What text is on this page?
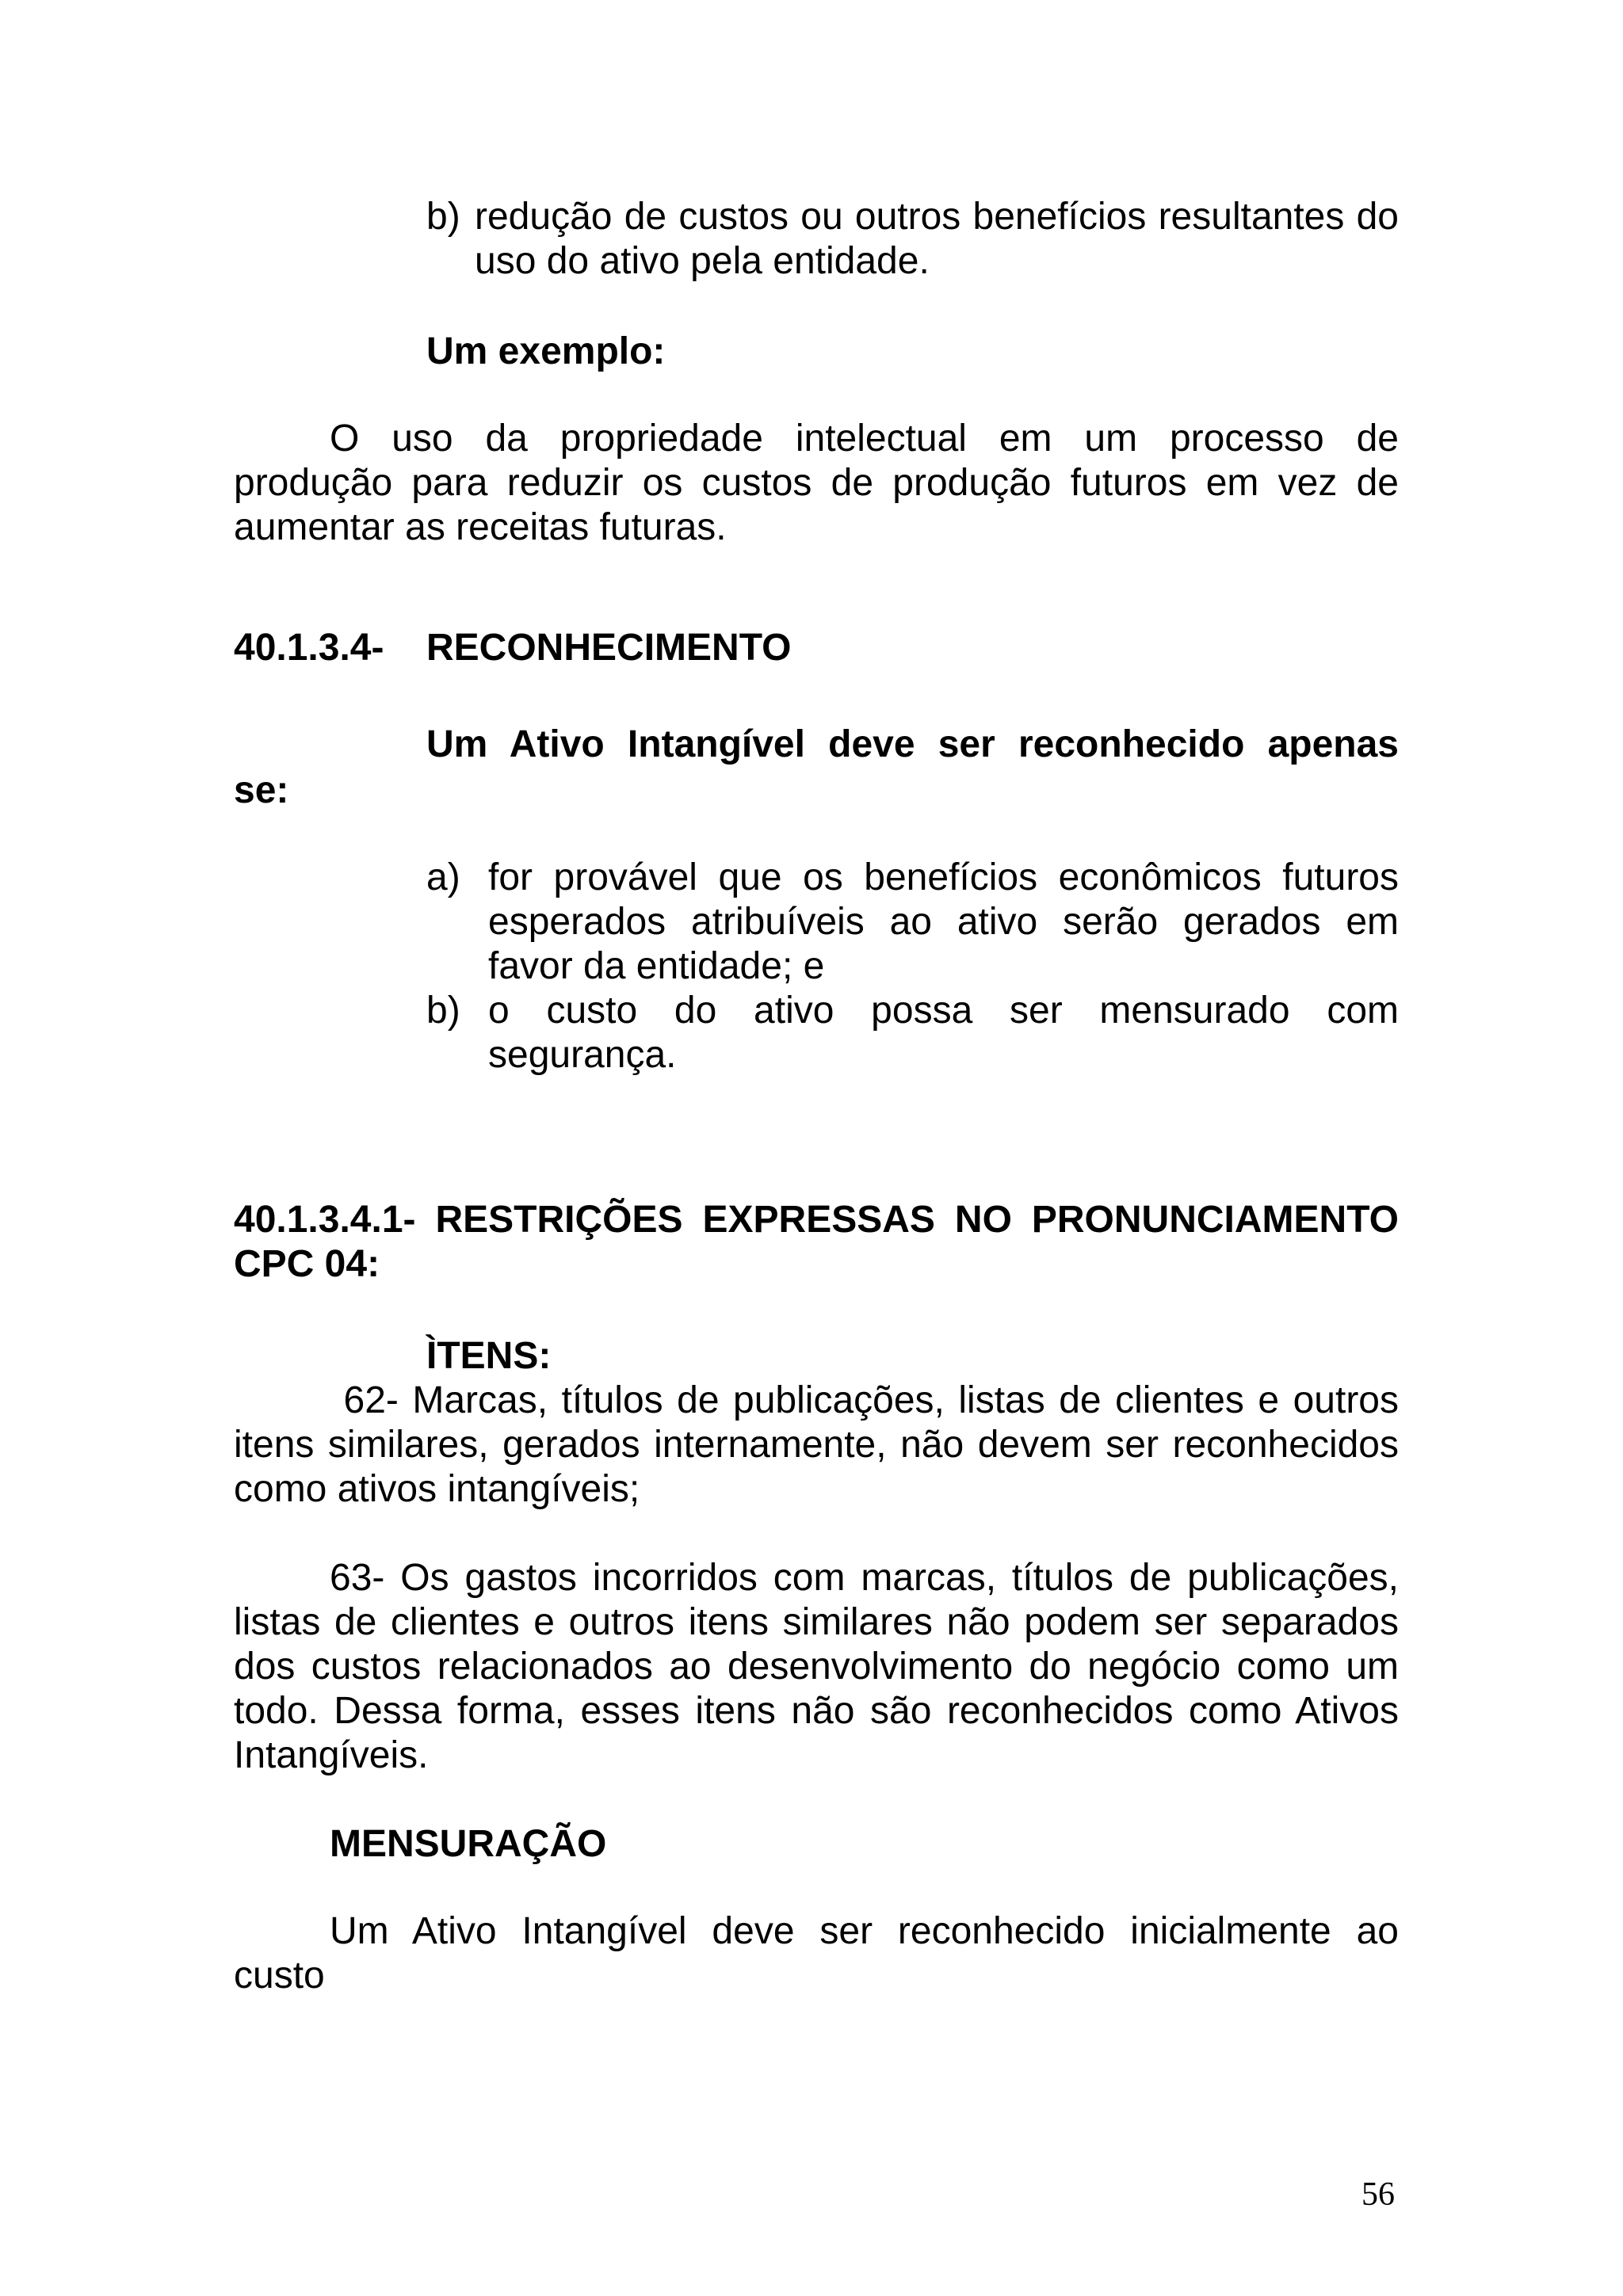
b) redução de custos ou outros benefícios resultantes do

uso do ativo pela entidade.

Um exemplo:

O uso da propriedade intelectual em um processo de

produção para reduzir os custos de produção futuros em vez de

aumentar as receitas futuras.

40.1.3.4- RECONHECIMENTO

Um Ativo Intangível deve ser reconhecido apenas

se:

a) for provável que os benefícios econômicos futuros

esperados atribuíveis ao ativo serão gerados em

favor da entidade; e

b) o custo do ativo possa ser mensurado com

segurança.

40.1.3.4.1- RESTRIÇÕES EXPRESSAS NO PRONUNCIAMENTO

CPC 04:

ÌTENS:

62- Marcas, títulos de publicações, listas de clientes e outros

itens similares, gerados internamente, não devem ser reconhecidos

como ativos intangíveis;

63- Os gastos incorridos com marcas, títulos de publicações,

listas de clientes e outros itens similares não podem ser separados

dos custos relacionados ao desenvolvimento do negócio como um

todo. Dessa forma, esses itens não são reconhecidos como Ativos

Intangíveis.

MENSURAÇÃO

Um Ativo Intangível deve ser reconhecido inicialmente ao

custo

56
